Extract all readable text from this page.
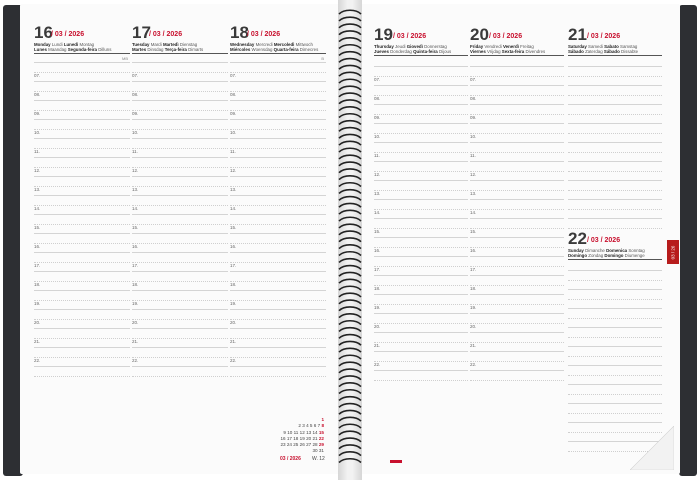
16
/ 03 / 2026
Monday Lundi Lunedì Montag
Lunes Maandag Segunda-feira Dilluns
MB
07.
08.
09.
10.
11.
12.
13.
14.
15.
16.
17.
18.
19.
20.
21.
22.
17
/ 03 / 2026
Tuesday Mardi Martedì Dienstag
Martes Dinsdag Terça-feira Dimarts
07.
08.
09.
10.
11.
12.
13.
14.
15.
16.
17.
18.
19.
20.
21.
22.
18
/ 03 / 2026
Wednesday Mercredi Mercoledì Mittwoch
Miércoles Woensdag Quarta-feira Dimecres
B
07.
08.
09.
10.
11.
12.
13.
14.
15.
16.
17.
18.
19.
20.
21.
22.
19 / 03 / 2026
Thursday Jeudi Giovedì Donnerstag
Jueves Donderdag Quinta-feira Dijous
07.
08.
09.
10.
11.
12.
13.
14.
15.
16.
17.
18.
19.
20.
21.
22.
20 / 03 / 2026
Friday Vendredi Venerdì Freitag
Viernes Vrijdag Sexta-feira Divendres
07.
08.
09.
10.
11.
12.
13.
14.
15.
16.
17.
18.
19.
20.
21.
22.
21 / 03 / 2026
Saturday Samedi Sabato Samstag
Sábado Zaterdag Sábado Dissabte
22 / 03 / 2026
Sunday Dimanche Domenica Sonntag
Domingo Zondag Domingo Diumenge
1
2 3 4 5 6 7 8
9 10 11 12 13 14 15
16 17 18 19 20 21 22
23 24 25 26 27 28 29
30 31
03 / 2026 W. 12
03 / 26
